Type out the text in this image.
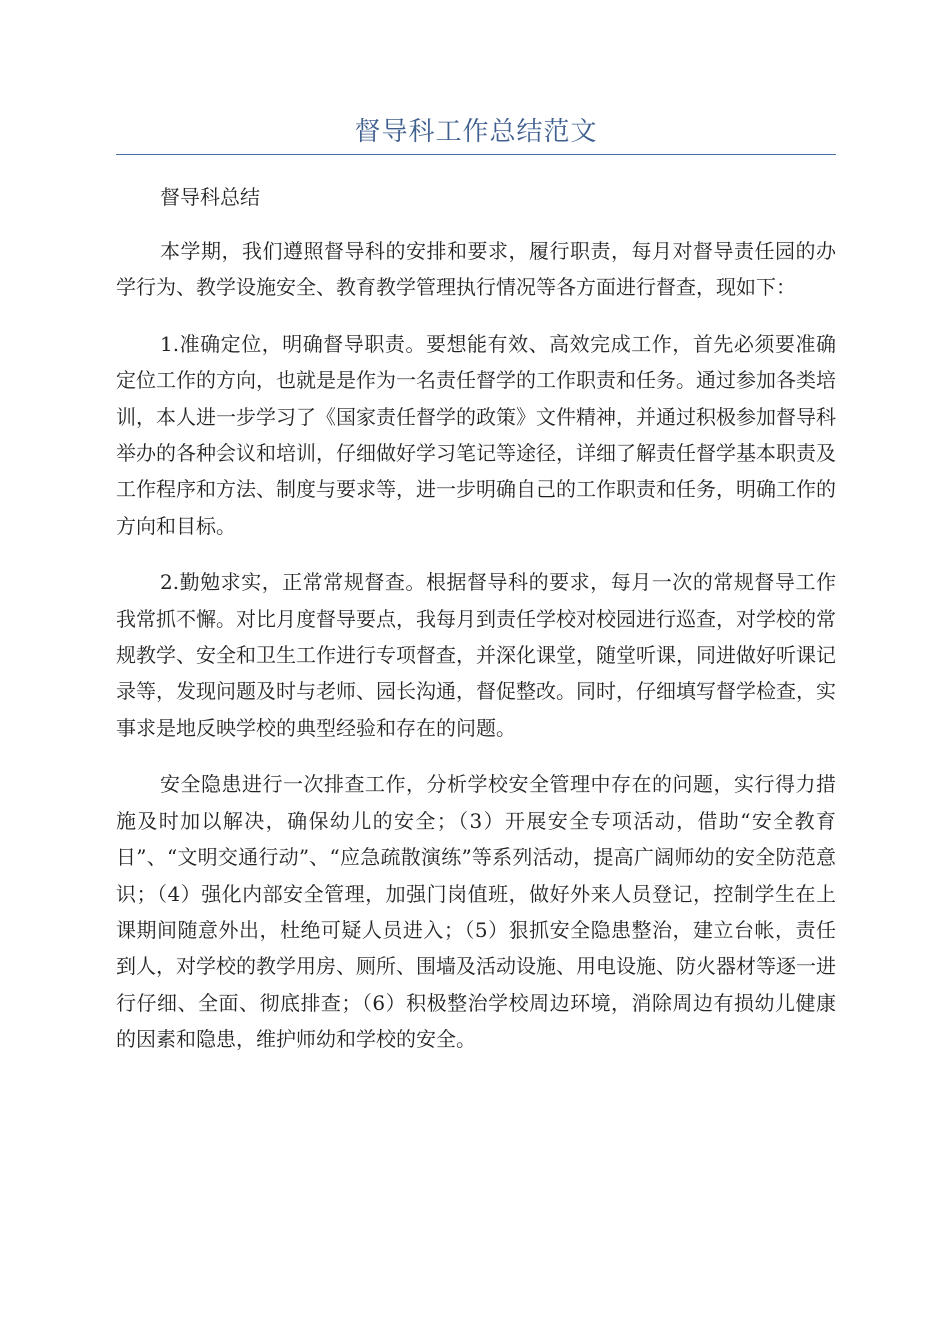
督导科工作总结范文
督导科总结

本学期，我们遵照督导科的安排和要求，履行职责，每月对督导责任园的办学行为、教学设施安全、教育教学管理执行情况等各方面进行督查，现如下：

1.准确定位，明确督导职责。要想能有效、高效完成工作，首先必须要准确定位工作的方向，也就是是作为一名责任督学的工作职责和任务。通过参加各类培训，本人进一步学习了《国家责任督学的政策》文件精神，并通过积极参加督导科举办的各种会议和培训，仔细做好学习笔记等途径，详细了解责任督学基本职责及工作程序和方法、制度与要求等，进一步明确自己的工作职责和任务，明确工作的方向和目标。

2.勤勉求实，正常常规督查。根据督导科的要求，每月一次的常规督导工作我常抓不懈。对比月度督导要点，我每月到责任学校对校园进行巡查，对学校的常规教学、安全和卫生工作进行专项督查，并深化课堂，随堂听课，同进做好听课记录等，发现问题及时与老师、园长沟通，督促整改。同时，仔细填写督学检查，实事求是地反映学校的典型经验和存在的问题。

安全隐患进行一次排查工作，分析学校安全管理中存在的问题，实行得力措施及时加以解决，确保幼儿的安全；（3）开展安全专项活动，借助“安全教育日”、“文明交通行动”、“应急疏散演练”等系列活动，提高广阔师幼的安全防范意识；（4）强化内部安全管理，加强门岗值班，做好外来人员登记，控制学生在上课期间随意外出，杜绝可疑人员进入；（5）狠抓安全隐患整治，建立台帐，责任到人，对学校的教学用房、厕所、围墙及活动设施、用电设施、防火器材等逐一进行仔细、全面、彻底排查；（6）积极整治学校周边环境，消除周边有损幼儿健康的因素和隐患，维护师幼和学校的安全。
